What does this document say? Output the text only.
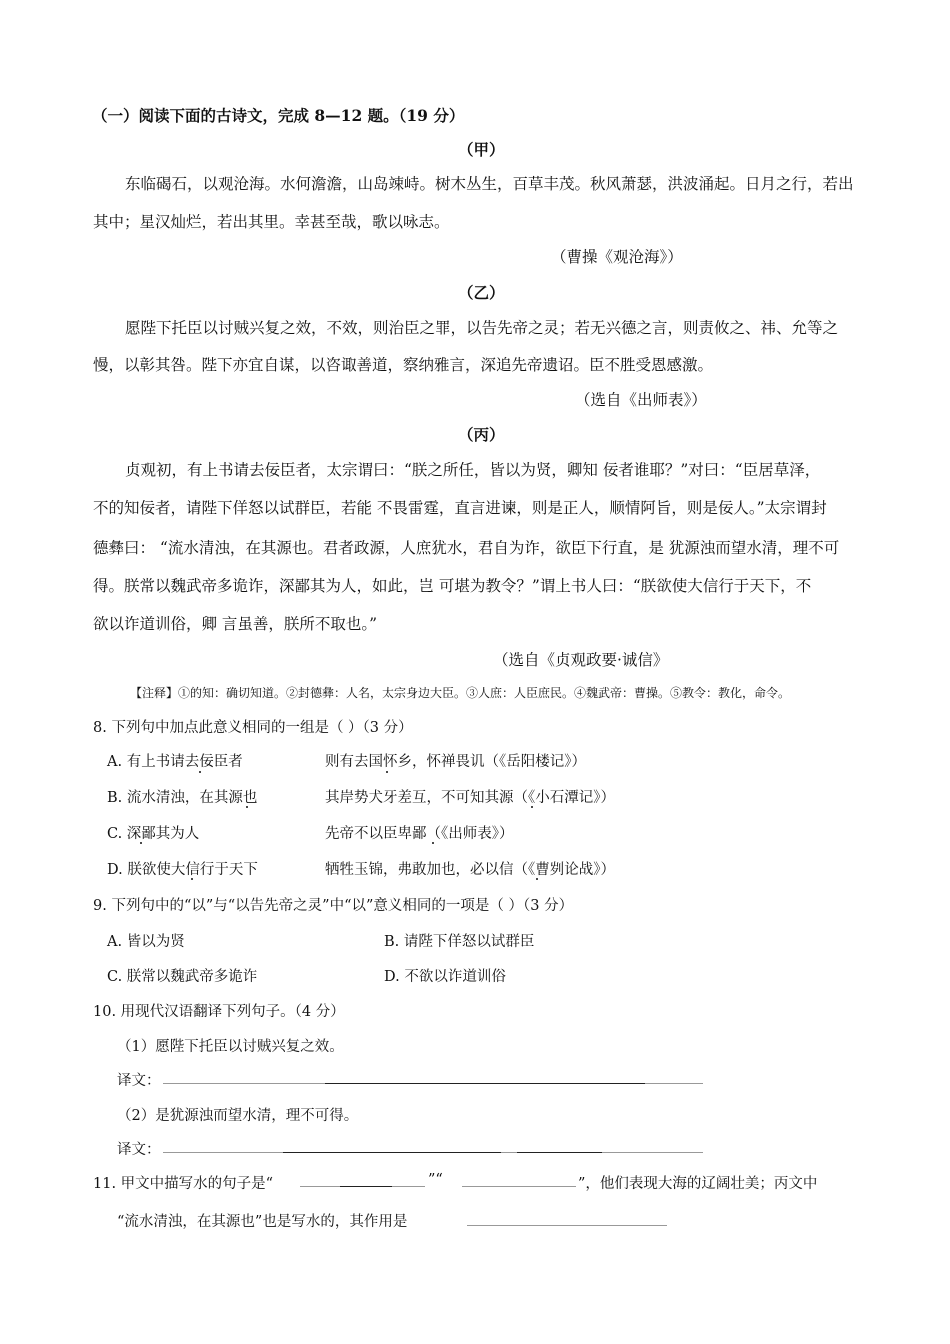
（一）阅读下面的古诗文，完成 8—12 题。（19 分）
（甲）
东临碣石，以观沧海。水何澹澹，山岛竦峙。树木丛生，百草丰茂。秋风萧瑟，洪波涌起。日月之行，若出
其中；星汉灿烂，若出其里。幸甚至哉，歌以咏志。
（曹操《观沧海》）
（乙）
愿陛下托臣以讨贼兴复之效，不效，则治臣之罪，以告先帝之灵；若无兴德之言，则责攸之、祎、允等之
慢，以彰其咎。陛下亦宜自谋，以咨诹善道，察纳雅言，深追先帝遗诏。臣不胜受恩感激。
（选自《出师表》）
（丙）
贞观初，有上书请去佞臣者，太宗谓曰：“朕之所任，皆以为贤，卿知 佞者谁耶？”对曰：“臣居草泽，
不的知佞者，请陛下佯怒以试群臣，若能 不畏雷霆，直言进谏，则是正人，顺情阿旨，则是佞人。”太宗谓封
德彝曰： “流水清浊，在其源也。君者政源，人庶犹水，君自为诈，欲臣下行直，是 犹源浊而望水清，理不可
得。朕常以魏武帝多诡诈，深鄙其为人，如此，岂 可堪为教令？”谓上书人曰：“朕欲使大信行于天下，不
欲以诈道训俗，卿 言虽善，朕所不取也。”
（选自《贞观政要·诚信》
【注释】①的知：确切知道。②封德彝：人名，太宗身边大臣。③人庶：人臣庶民。④魏武帝：曹操。⑤教令：教化，命令。
8. 下列句中加点此意义相同的一组是（ ）（3 分）
A. 有上书请去佞臣者	则有去国怀乡，怀禅畏讥（《岳阳楼记》）
B. 流水清浊，在其源也	其岸势犬牙差互，不可知其源（《小石潭记》）
C. 深鄙其为人	先帝不以臣卑鄙（《出师表》）
D. 朕欲使大信行于天下	牺牲玉锦，弗敢加也，必以信（《曹刿论战》）
9. 下列句中的“以”与“以告先帝之灵”中“以”意义相同的一项是（ ）（3 分）
A. 皆以为贤	B. 请陛下佯怒以试群臣
C. 朕常以魏武帝多诡诈	D. 不欲以诈道训俗
10. 用现代汉语翻译下列句子。（4 分）
（1）愿陛下托臣以讨贼兴复之效。
译文：
（2）是犹源浊而望水清，理不可得。
译文：
11. 甲文中描写水的句子是“	”“	”，他们表现大海的辽阔壮美；丙文中
“流水清浊，在其源也”也是写水的，其作用是
